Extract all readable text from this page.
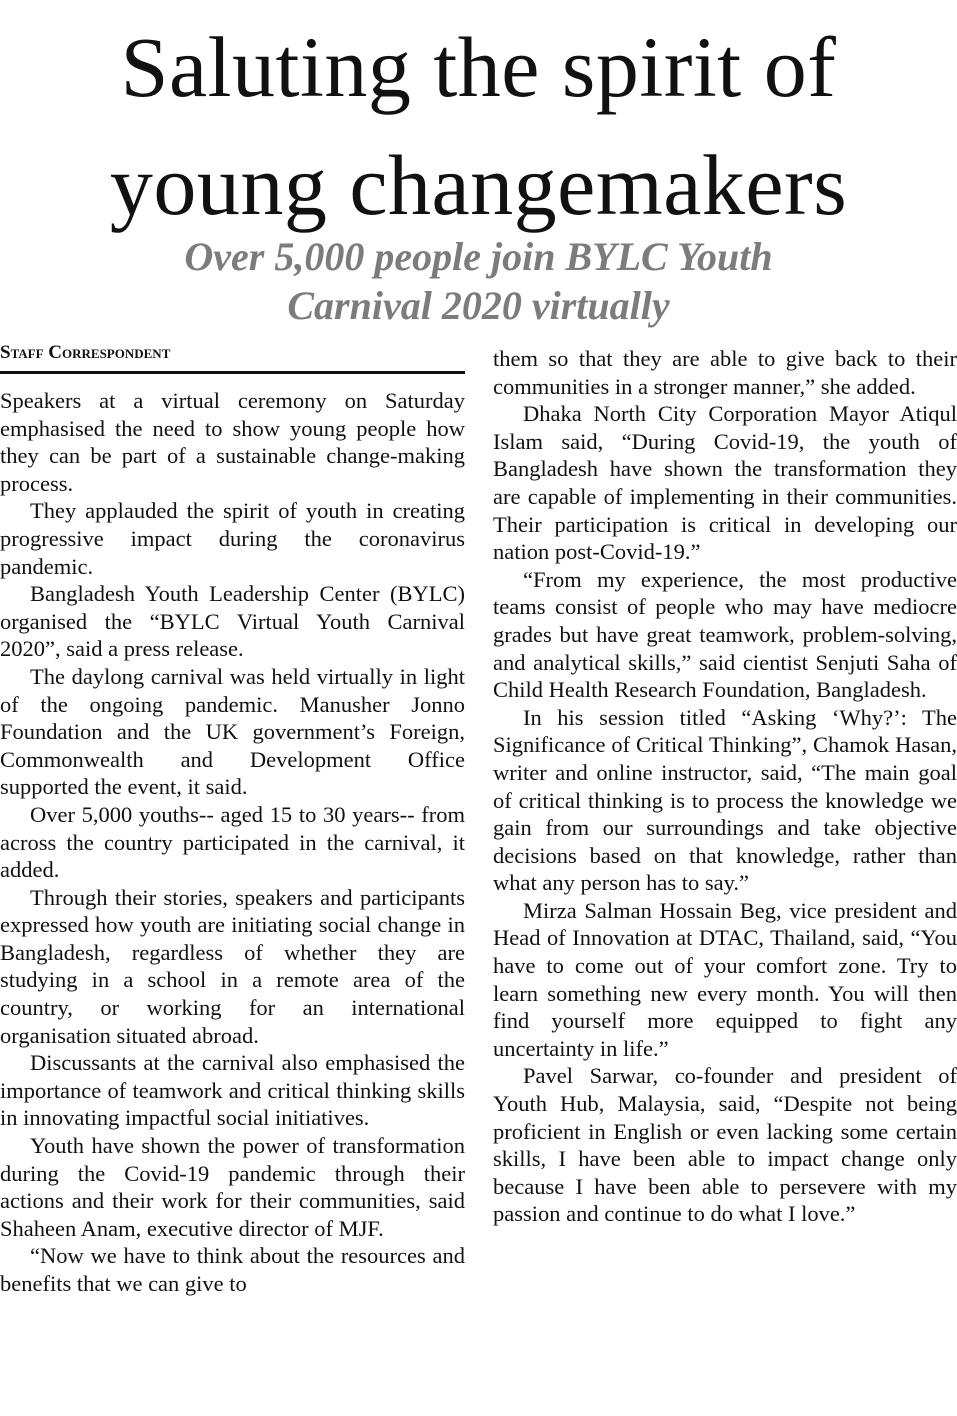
Saluting the spirit of
young changemakers
Over 5,000 people join BYLC Youth
Carnival 2020 virtually
Staff Correspondent

Speakers at a virtual ceremony on Saturday emphasised the need to show young people how they can be part of a sustainable change-making process.

They applauded the spirit of youth in creating progressive impact during the coronavirus pandemic.

Bangladesh Youth Leadership Center (BYLC) organised the “BYLC Virtual Youth Carnival 2020”, said a press release.

The daylong carnival was held virtually in light of the ongoing pandemic. Manusher Jonno Foundation and the UK government’s Foreign, Commonwealth and Development Office supported the event, it said.

Over 5,000 youths-- aged 15 to 30 years-- from across the country participated in the carnival, it added.

Through their stories, speakers and participants expressed how youth are initiating social change in Bangladesh, regardless of whether they are studying in a school in a remote area of the country, or working for an international organisation situated abroad.

Discussants at the carnival also emphasised the importance of teamwork and critical thinking skills in innovating impactful social initiatives.

Youth have shown the power of transformation during the Covid-19 pandemic through their actions and their work for their communities, said Shaheen Anam, executive director of MJF.

“Now we have to think about the resources and benefits that we can give to

them so that they are able to give back to their communities in a stronger manner,” she added.

Dhaka North City Corporation Mayor Atiqul Islam said, “During Covid-19, the youth of Bangladesh have shown the transformation they are capable of implementing in their communities. Their participation is critical in developing our nation post-Covid-19.”

“From my experience, the most productive teams consist of people who may have mediocre grades but have great teamwork, problem-solving, and analytical skills,” said cientist Senjuti Saha of Child Health Research Foundation, Bangladesh.

In his session titled “Asking ‘Why?’: The Significance of Critical Thinking”, Chamok Hasan, writer and online instructor, said, “The main goal of critical thinking is to process the knowledge we gain from our surroundings and take objective decisions based on that knowledge, rather than what any person has to say.”

Mirza Salman Hossain Beg, vice president and Head of Innovation at DTAC, Thailand, said, “You have to come out of your comfort zone. Try to learn something new every month. You will then find yourself more equipped to fight any uncertainty in life.”

Pavel Sarwar, co-founder and president of Youth Hub, Malaysia, said, “Despite not being proficient in English or even lacking some certain skills, I have been able to impact change only because I have been able to persevere with my passion and continue to do what I love.”
